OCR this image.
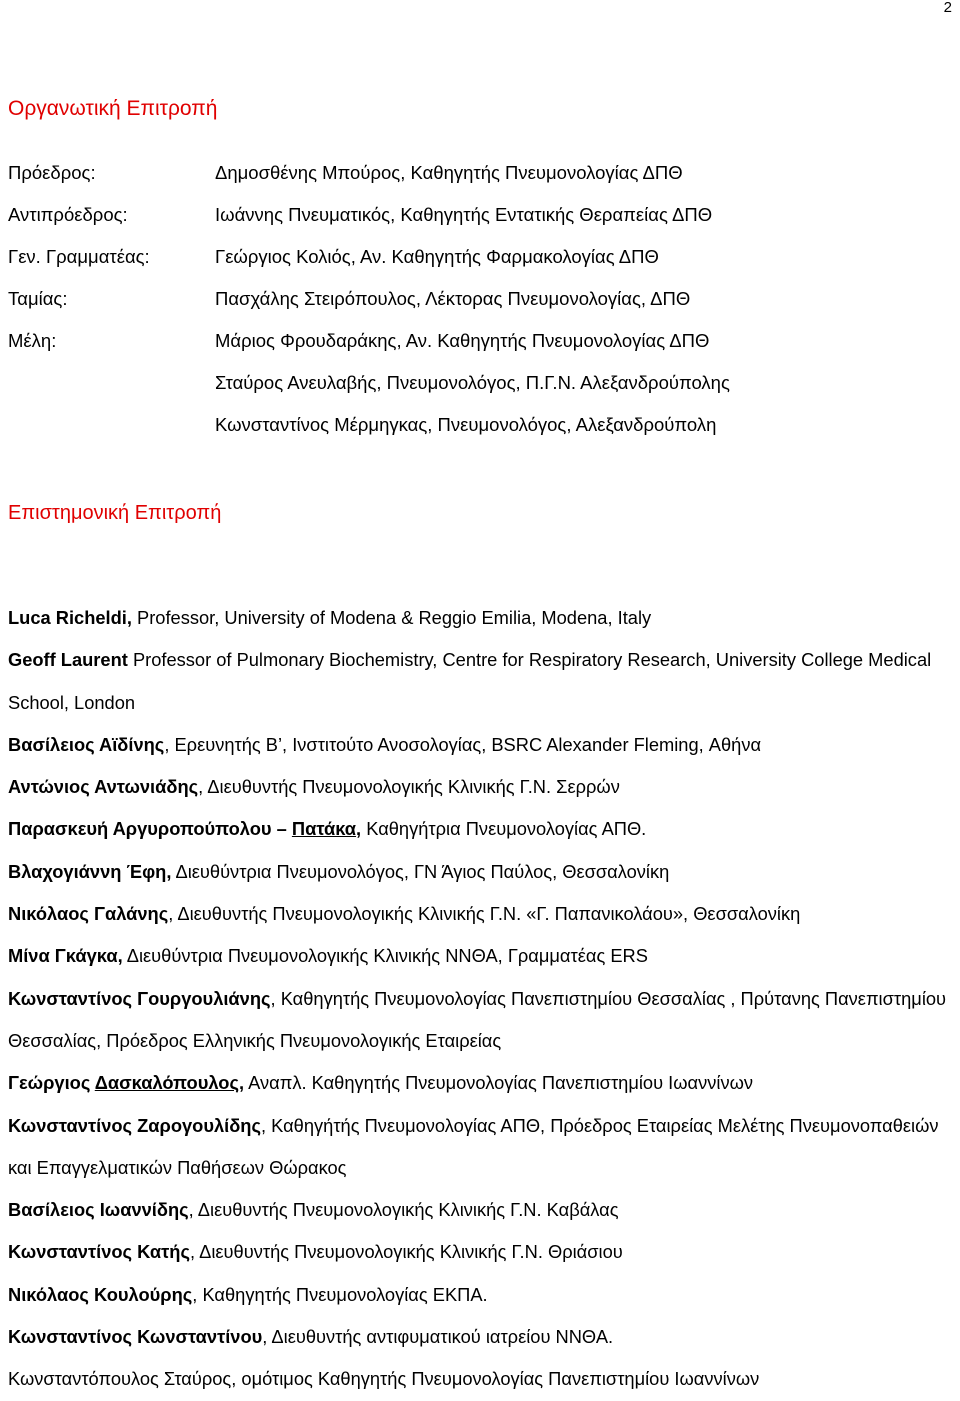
2
Οργανωτική Επιτροπή
Πρόεδρος:	Δημοσθένης Μπούρος, Καθηγητής Πνευμονολογίας ΔΠΘ
Αντιπρόεδρος:	Ιωάννης Πνευματικός, Καθηγητής Εντατικής Θεραπείας ΔΠΘ
Γεν. Γραμματέας:	Γεώργιος Κολιός, Αν. Καθηγητής Φαρμακολογίας ΔΠΘ
Ταμίας:	Πασχάλης Στειρόπουλος, Λέκτορας Πνευμονολογίας, ΔΠΘ
Μέλη:	Μάριος Φρουδαράκης, Αν. Καθηγητής Πνευμονολογίας ΔΠΘ
Σταύρος Ανευλαβής, Πνευμονολόγος, Π.Γ.Ν. Αλεξανδρούπολης
Κωνσταντίνος Μέρμηγκας, Πνευμονολόγος, Αλεξανδρούπολη
Επιστημονική Επιτροπή

Luca Richeldi, Professor, University of Modena & Reggio Emilia, Modena, Italy

Geoff Laurent Professor of Pulmonary Biochemistry, Centre for Respiratory Research, University College Medical School, London

Βασίλειος Αϊδίνης, Ερευνητής Β’, Ινστιτούτο Ανοσολογίας, BSRC Alexander Fleming, Αθήνα

Αντώνιος Αντωνιάδης, Διευθυντής Πνευμονολογικής Κλινικής Γ.Ν. Σερρών

Παρασκευή Αργυροπούπολου – Πατάκα, Καθηγήτρια Πνευμονολογίας ΑΠΘ.

Βλαχογιάννη Έφη, Διευθύντρια Πνευμονολόγος, ΓΝ Άγιος Παύλος, Θεσσαλονίκη

Νικόλαος Γαλάνης, Διευθυντής Πνευμονολογικής Κλινικής Γ.Ν. «Γ. Παπανικολάου», Θεσσαλονίκη

Μίνα Γκάγκα, Διευθύντρια Πνευμονολογικής Κλινικής ΝΝΘΑ, Γραμματέας ERS

Κωνσταντίνος Γουργουλιάνης, Καθηγητής Πνευμονολογίας Πανεπιστημίου Θεσσαλίας , Πρύτανης Πανεπιστημίου Θεσσαλίας, Πρόεδρος Ελληνικής Πνευμονολογικής Εταιρείας

Γεώργιος Δασκαλόπουλος, Αναπλ. Καθηγητής Πνευμονολογίας Πανεπιστημίου Ιωαννίνων

Κωνσταντίνος Ζαρογουλίδης, Καθηγήτής Πνευμονολογίας ΑΠΘ, Πρόεδρος Εταιρείας Μελέτης Πνευμονοπαθειών και Επαγγελματικών Παθήσεων Θώρακος

Βασίλειος Ιωαννίδης, Διευθυντής Πνευμονολογικής Κλινικής Γ.Ν. Καβάλας

Κωνσταντίνος Κατής, Διευθυντής Πνευμονολογικής Κλινικής Γ.Ν. Θριάσιου

Νικόλαος Κουλούρης, Καθηγητής Πνευμονολογίας ΕΚΠΑ.

Κωνσταντίνος Κωνσταντίνου, Διευθυντής αντιφυματικού ιατρείου ΝΝΘΑ.

Κωνσταντόπουλος Σταύρος, ομότιμος Καθηγητής Πνευμονολογίας Πανεπιστημίου Ιωαννίνων
